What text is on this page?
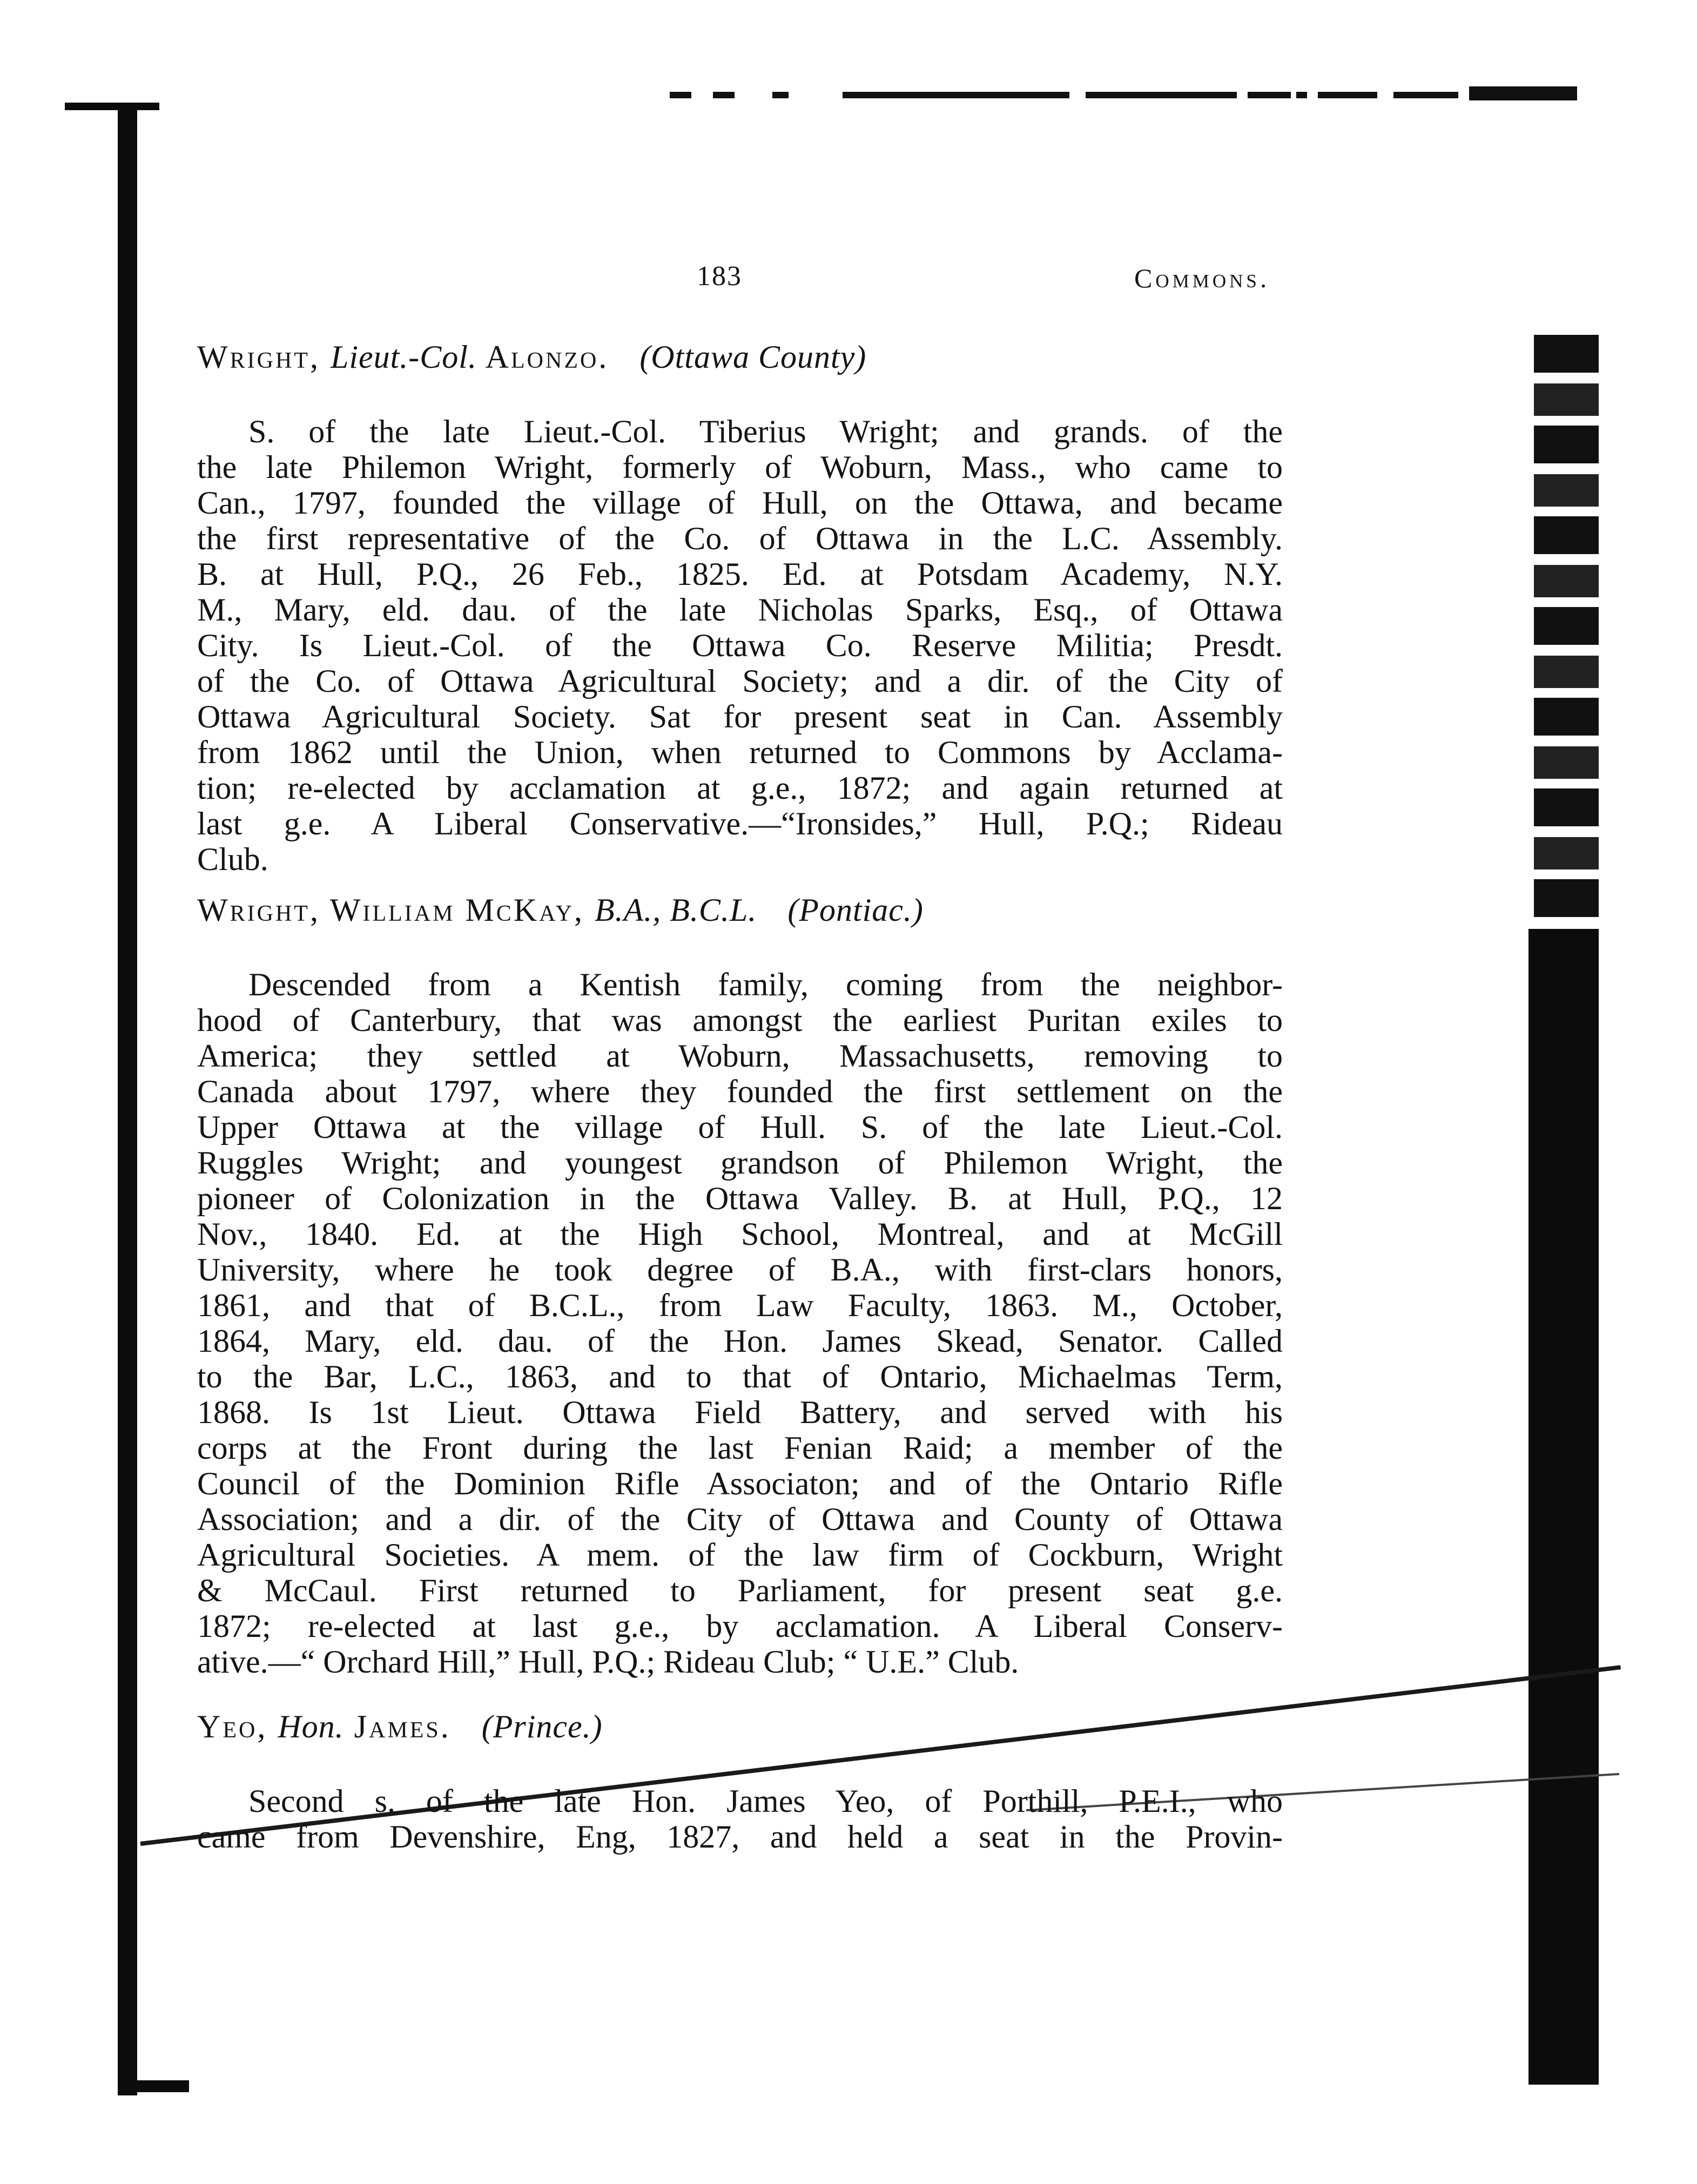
183	Commons.
Wright, Lieut.-Col. Alonzo. (Ottawa County)
S. of the late Lieut.-Col. Tiberius Wright; and grands. of the
the late Philemon Wright, formerly of Woburn, Mass., who came to
Can., 1797, founded the village of Hull, on the Ottawa, and became
the first representative of the Co. of Ottawa in the L.C. Assembly.
B. at Hull, P.Q., 26 Feb., 1825. Ed. at Potsdam Academy, N.Y.
M., Mary, eld. dau. of the late Nicholas Sparks, Esq., of Ottawa
City. Is Lieut.-Col. of the Ottawa Co. Reserve Militia; Presdt.
of the Co. of Ottawa Agricultural Society; and a dir. of the City of
Ottawa Agricultural Society. Sat for present seat in Can. Assembly
from 1862 until the Union, when returned to Commons by Acclama-
tion; re-elected by acclamation at g.e., 1872; and again returned at
last g.e. A Liberal Conservative.—“Ironsides,” Hull, P.Q.; Rideau
Club.
Wright, William McKay, B.A., B.C.L. (Pontiac.)
Descended from a Kentish family, coming from the neighbor-
hood of Canterbury, that was amongst the earliest Puritan exiles to
America; they settled at Woburn, Massachusetts, removing to
Canada about 1797, where they founded the first settlement on the
Upper Ottawa at the village of Hull. S. of the late Lieut.-Col.
Ruggles Wright; and youngest grandson of Philemon Wright, the
pioneer of Colonization in the Ottawa Valley. B. at Hull, P.Q., 12
Nov., 1840. Ed. at the High School, Montreal, and at McGill
University, where he took degree of B.A., with first-clars honors,
1861, and that of B.C.L., from Law Faculty, 1863. M., October,
1864, Mary, eld. dau. of the Hon. James Skead, Senator. Called
to the Bar, L.C., 1863, and to that of Ontario, Michaelmas Term,
1868. Is 1st Lieut. Ottawa Field Battery, and served with his
corps at the Front during the last Fenian Raid; a member of the
Council of the Dominion Rifle Associaton; and of the Ontario Rifle
Association; and a dir. of the City of Ottawa and County of Ottawa
Agricultural Societies. A mem. of the law firm of Cockburn, Wright
& McCaul. First returned to Parliament, for present seat g.e.
1872; re-elected at last g.e., by acclamation. A Liberal Conserv-
ative.—“ Orchard Hill,” Hull, P.Q.; Rideau Club; “ U.E.” Club.
Yeo, Hon. James. (Prince.)
Second s. of the late Hon. James Yeo, of Porthill, P.E.I., who
came from Devenshire, Eng, 1827, and held a seat in the Provin-
